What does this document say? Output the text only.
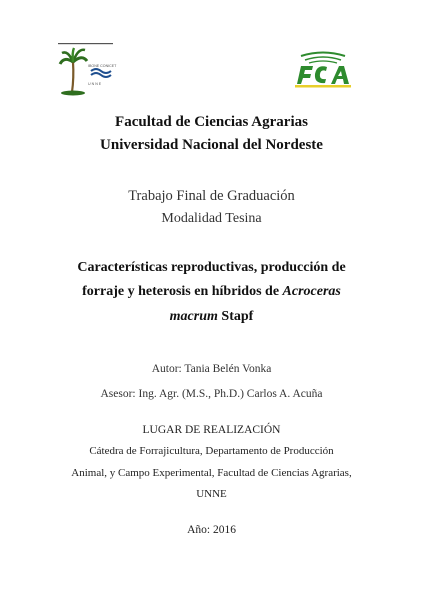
IBONE CONICET
U N N E
Facultad de Ciencias Agrarias
Universidad Nacional del Nordeste
Trabajo Final de Graduación
Modalidad Tesina
Características reproductivas, producción de
forraje y heterosis en híbridos de Acroceras
macrum Stapf
Autor: Tania Belén Vonka
Asesor: Ing. Agr. (M.S., Ph.D.) Carlos A. Acuña
LUGAR DE REALIZACIÓN
Cátedra de Forrajicultura, Departamento de Producción
Animal, y Campo Experimental, Facultad de Ciencias Agrarias,
UNNE
Año: 2016
